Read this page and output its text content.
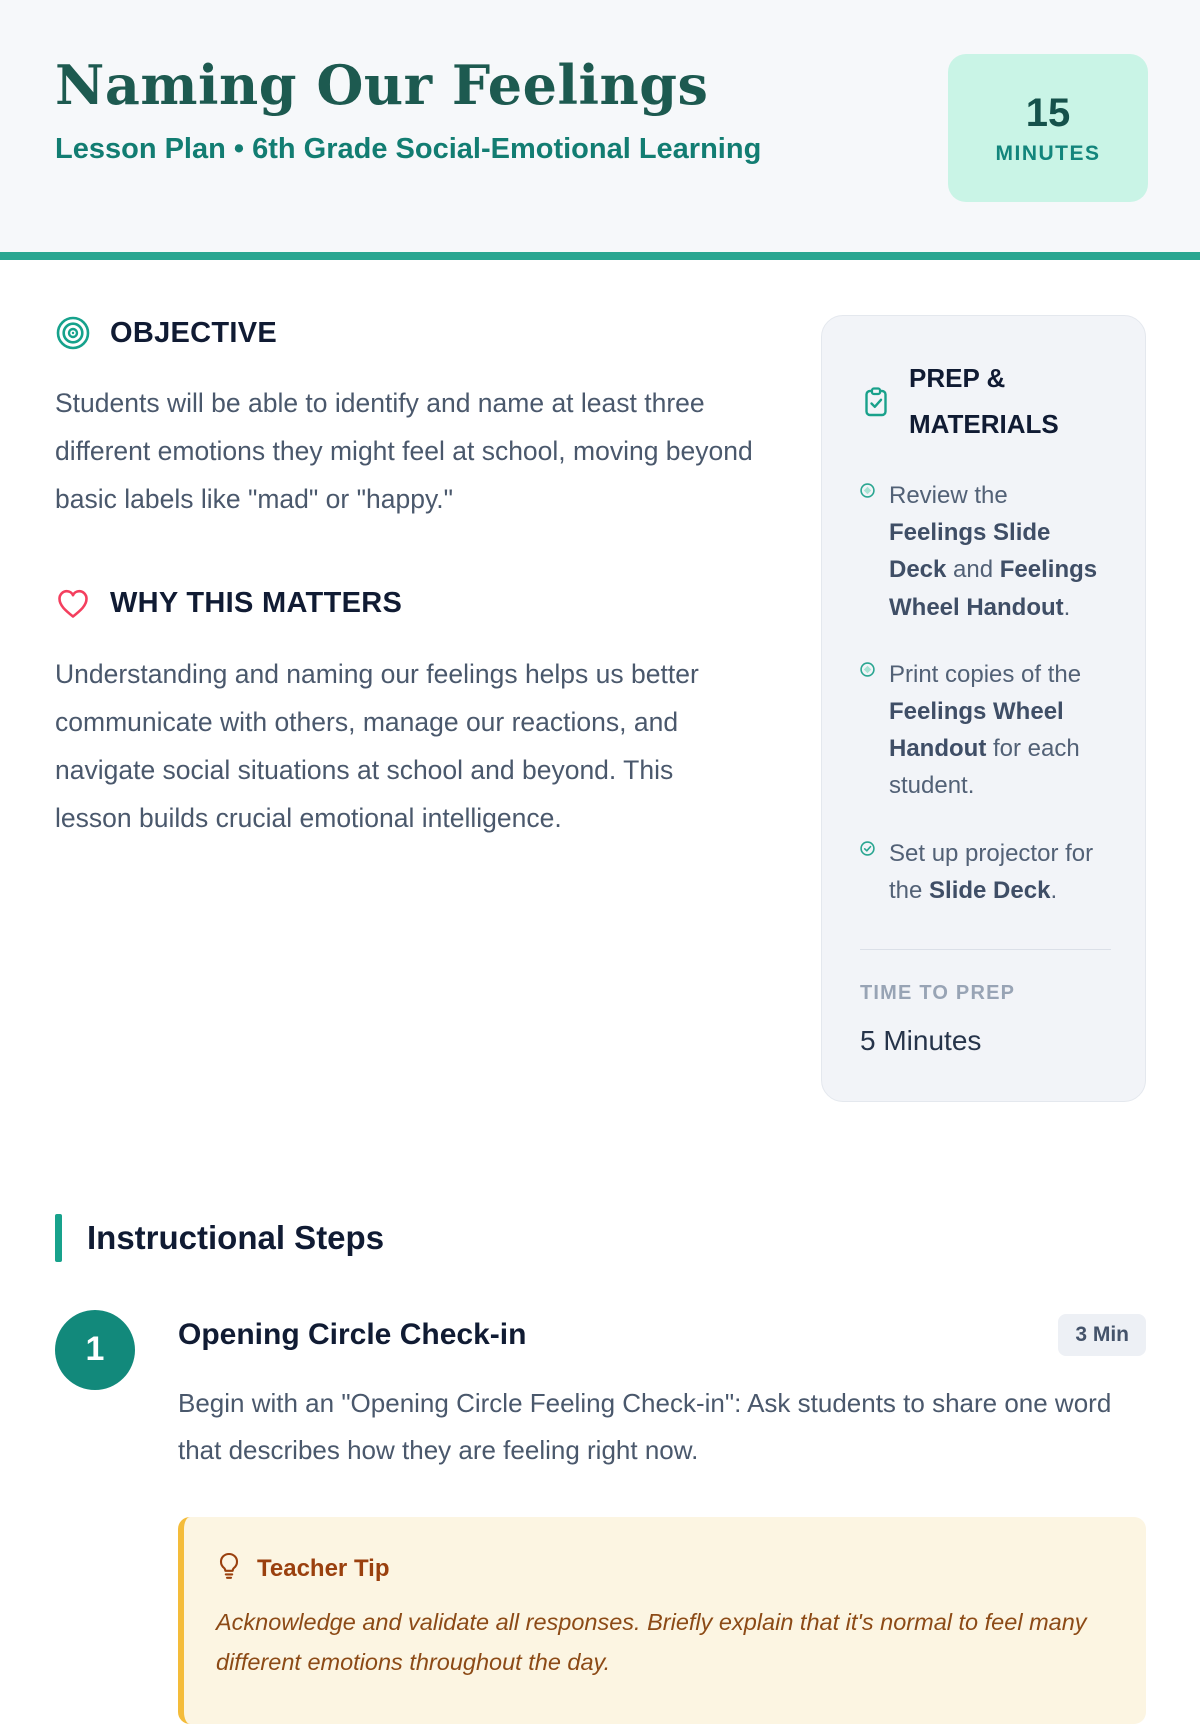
Naming Our Feelings
Lesson Plan • 6th Grade Social-Emotional Learning
15
MINUTES
OBJECTIVE

Students will be able to identify and name at least three different emotions they might feel at school, moving beyond basic labels like "mad" or "happy."

WHY THIS MATTERS

Understanding and naming our feelings helps us better communicate with others, manage our reactions, and navigate social situations at school and beyond. This lesson builds crucial emotional intelligence.

PREP & MATERIALS
Review the Feelings Slide Deck and Feelings Wheel Handout.
Print copies of the Feelings Wheel Handout for each student.
Set up projector for the Slide Deck.
TIME TO PREP
5 Minutes
Instructional Steps
1	Opening Circle Check-in	3 Min

Begin with an "Opening Circle Feeling Check-in": Ask students to share one word that describes how they are feeling right now.

Teacher Tip

Acknowledge and validate all responses. Briefly explain that it's normal to feel many different emotions throughout the day.
